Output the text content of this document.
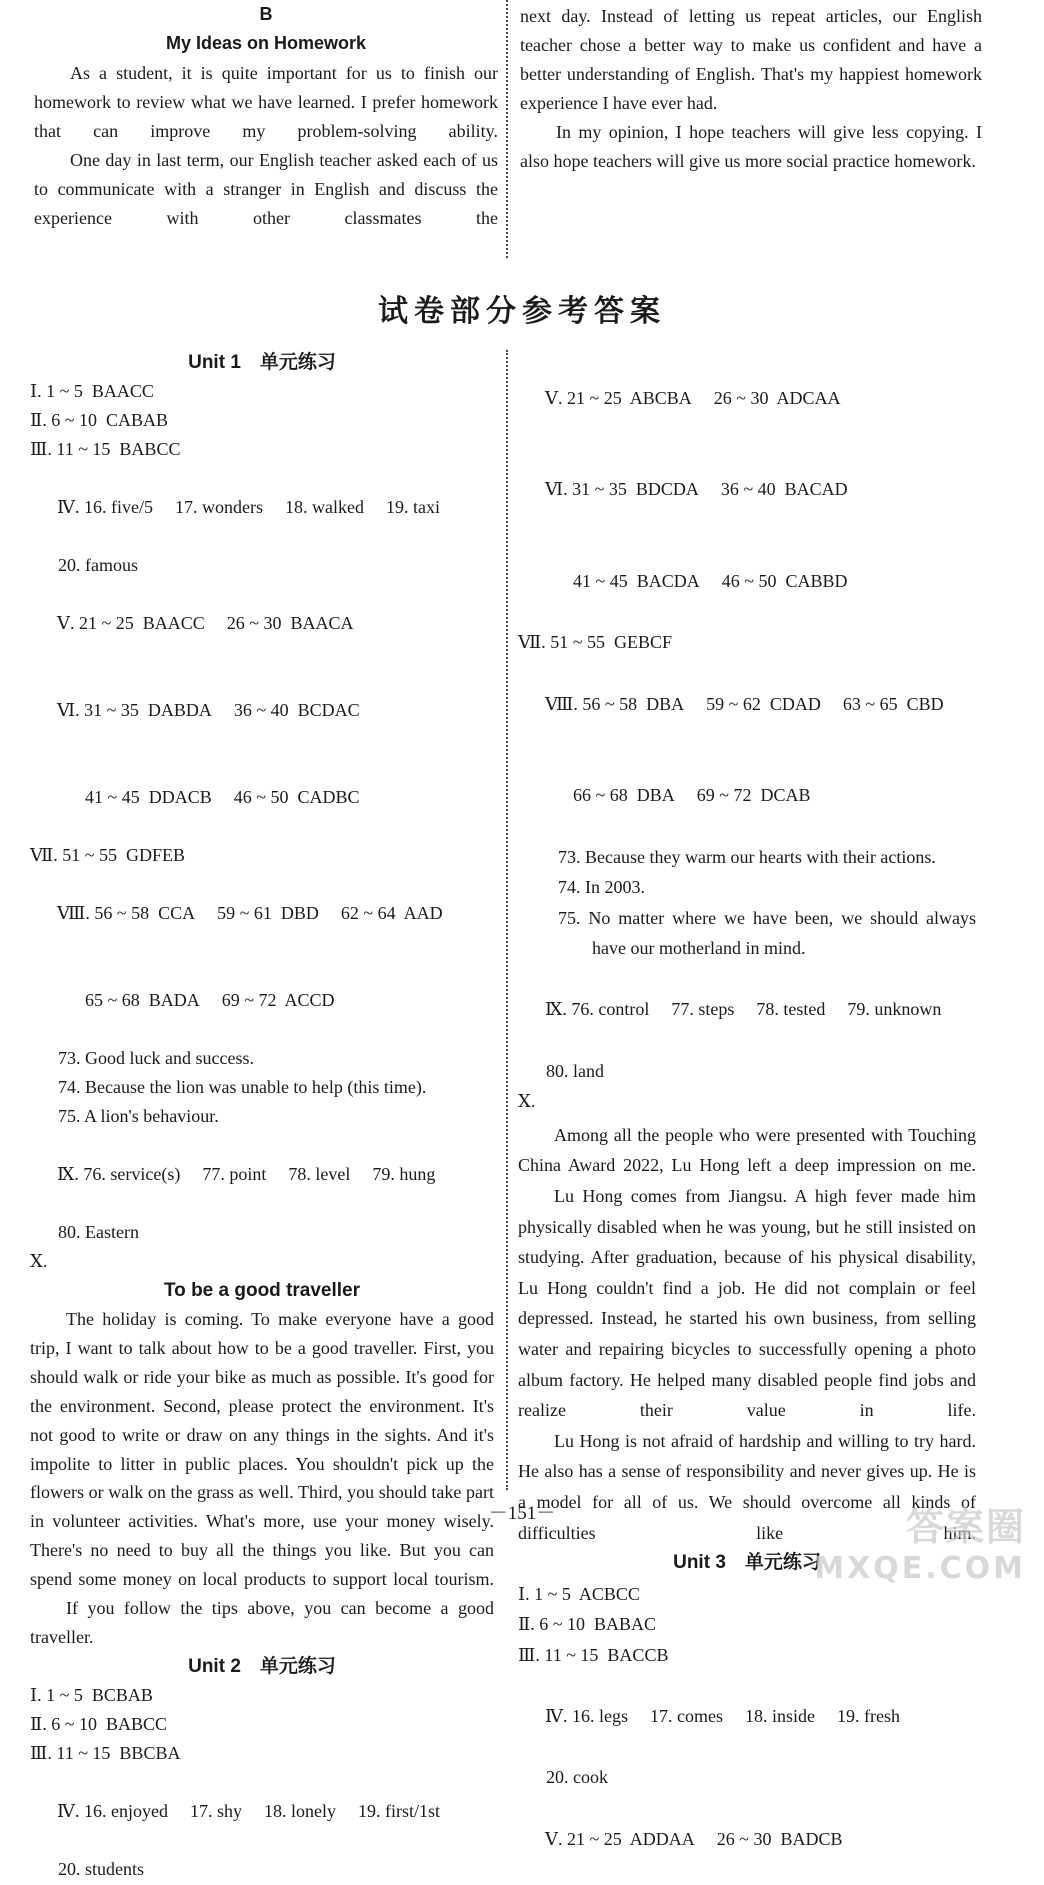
B
My Ideas on Homework

As a student, it is quite important for us to finish our homework to review what we have learned. I prefer homework that can improve my problem-solving ability.

One day in last term, our English teacher asked each of us to communicate with a stranger in English and discuss the experience with other classmates the

next day. Instead of letting us repeat articles, our English teacher chose a better way to make us confident and have a better understanding of English. That's my happiest homework experience I have ever had.

In my opinion, I hope teachers will give less copying. I also hope teachers will give us more social practice homework.

试卷部分参考答案

Unit 1　单元练习

Ⅰ. 1 ~ 5  BAACC

Ⅱ. 6 ~ 10  CABAB

Ⅲ. 11 ~ 15  BABCC

Ⅳ. 16. five/5 17. wonders 18. walked 19. taxi

20. famous

Ⅴ. 21 ~ 25  BAACC 26 ~ 30  BAACA

Ⅵ. 31 ~ 35  DABDA 36 ~ 40  BCDAC

41 ~ 45  DDACB 46 ~ 50  CADBC

Ⅶ. 51 ~ 55  GDFEB

Ⅷ. 56 ~ 58  CCA 59 ~ 61  DBD 62 ~ 64  AAD

65 ~ 68  BADA 69 ~ 72  ACCD

73. Good luck and success.

74. Because the lion was unable to help (this time).

75. A lion's behaviour.

Ⅸ. 76. service(s) 77. point 78. level 79. hung

80. Eastern

Ⅹ.

To be a good traveller

The holiday is coming. To make everyone have a good trip, I want to talk about how to be a good traveller. First, you should walk or ride your bike as much as possible. It's good for the environment. Second, please protect the environment. It's not good to write or draw on any things in the sights. And it's impolite to litter in public places. You shouldn't pick up the flowers or walk on the grass as well. Third, you should take part in volunteer activities. What's more, use your money wisely. There's no need to buy all the things you like. But you can spend some money on local products to support local tourism.

If you follow the tips above, you can become a good traveller.

Unit 2　单元练习

Ⅰ. 1 ~ 5  BCBAB

Ⅱ. 6 ~ 10  BABCC

Ⅲ. 11 ~ 15  BBCBA

Ⅳ. 16. enjoyed 17. shy 18. lonely 19. first/1st

20. students

Ⅴ. 21 ~ 25  ABCBA 26 ~ 30  ADCAA

Ⅵ. 31 ~ 35  BDCDA 36 ~ 40  BACAD

41 ~ 45  BACDA 46 ~ 50  CABBD

Ⅶ. 51 ~ 55  GEBCF

Ⅷ. 56 ~ 58  DBA 59 ~ 62  CDAD 63 ~ 65  CBD

66 ~ 68  DBA 69 ~ 72  DCAB

73. Because they warm our hearts with their actions.

74. In 2003.

75. No matter where we have been, we should always have our motherland in mind.

Ⅸ. 76. control 77. steps 78. tested 79. unknown

80. land

Ⅹ.

Among all the people who were presented with Touching China Award 2022, Lu Hong left a deep impression on me.

Lu Hong comes from Jiangsu. A high fever made him physically disabled when he was young, but he still insisted on studying. After graduation, because of his physical disability, Lu Hong couldn't find a job. He did not complain or feel depressed. Instead, he started his own business, from selling water and repairing bicycles to successfully opening a photo album factory. He helped many disabled people find jobs and realize their value in life.

Lu Hong is not afraid of hardship and willing to try hard. He also has a sense of responsibility and never gives up. He is a model for all of us. We should overcome all kinds of difficulties like him.

Unit 3　单元练习

Ⅰ. 1 ~ 5  ACBCC

Ⅱ. 6 ~ 10  BABAC

Ⅲ. 11 ~ 15  BACCB

Ⅳ. 16. legs 17. comes 18. inside 19. fresh

20. cook

Ⅴ. 21 ~ 25  ADDAA 26 ~ 30  BADCB

－151－	答案圈
MXQE.COM
